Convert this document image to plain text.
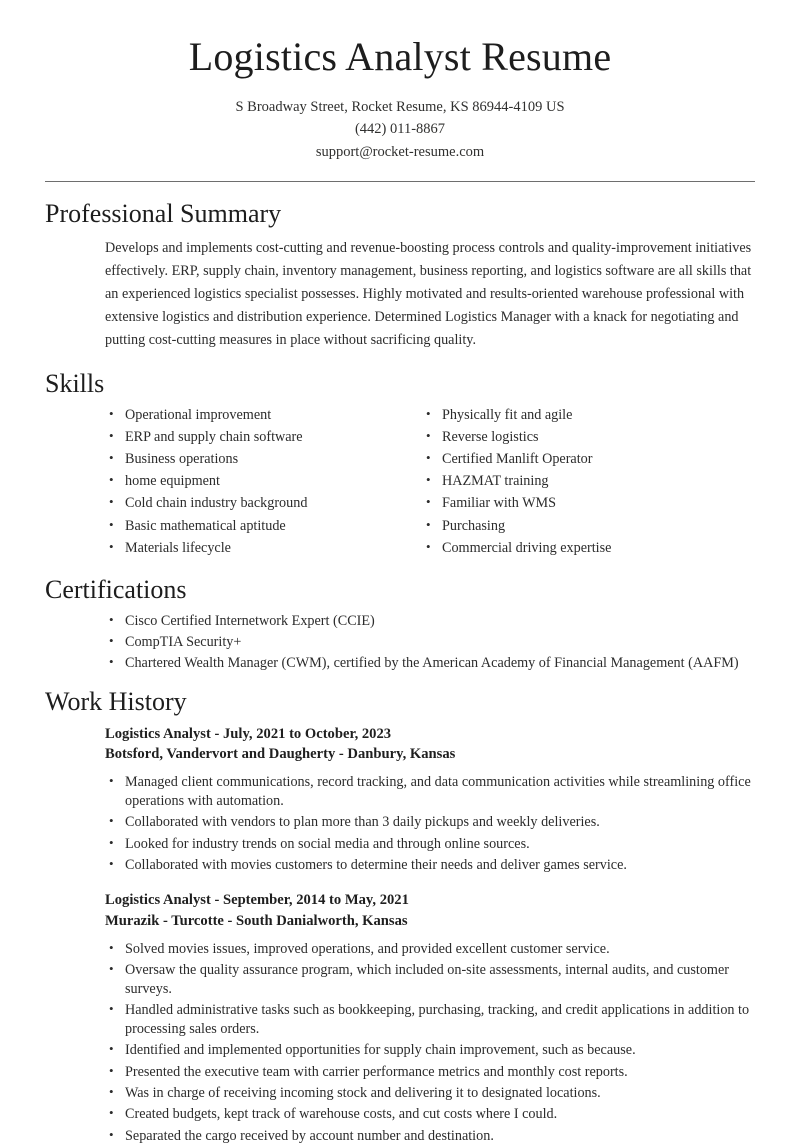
Logistics Analyst Resume

S Broadway Street, Rocket Resume, KS 86944-4109 US

(442) 011-8867

support@rocket-resume.com

Professional Summary

Develops and implements cost-cutting and revenue-boosting process controls and quality-improvement initiatives effectively. ERP, supply chain, inventory management, business reporting, and logistics software are all skills that an experienced logistics specialist possesses. Highly motivated and results-oriented warehouse professional with extensive logistics and distribution experience. Determined Logistics Manager with a knack for negotiating and putting cost-cutting measures in place without sacrificing quality.

Skills
• Operational improvement
• ERP and supply chain software
• Business operations
• home equipment
• Cold chain industry background
• Basic mathematical aptitude
• Materials lifecycle
• Physically fit and agile
• Reverse logistics
• Certified Manlift Operator
• HAZMAT training
• Familiar with WMS
• Purchasing
• Commercial driving expertise
Certifications
• Cisco Certified Internetwork Expert (CCIE)
• CompTIA Security+
• Chartered Wealth Manager (CWM), certified by the American Academy of Financial Management (AAFM)
Work History
Logistics Analyst - July, 2021 to October, 2023
Botsford, Vandervort and Daugherty - Danbury, Kansas
• Managed client communications, record tracking, and data communication activities while streamlining office operations with automation.
• Collaborated with vendors to plan more than 3 daily pickups and weekly deliveries.
• Looked for industry trends on social media and through online sources.
• Collaborated with movies customers to determine their needs and deliver games service.
Logistics Analyst - September, 2014 to May, 2021
Murazik - Turcotte - South Danialworth, Kansas
• Solved movies issues, improved operations, and provided excellent customer service.
• Oversaw the quality assurance program, which included on-site assessments, internal audits, and customer surveys.
• Handled administrative tasks such as bookkeeping, purchasing, tracking, and credit applications in addition to processing sales orders.
• Identified and implemented opportunities for supply chain improvement, such as because.
• Presented the executive team with carrier performance metrics and monthly cost reports.
• Was in charge of receiving incoming stock and delivering it to designated locations.
• Created budgets, kept track of warehouse costs, and cut costs where I could.
• Separated the cargo received by account number and destination.
